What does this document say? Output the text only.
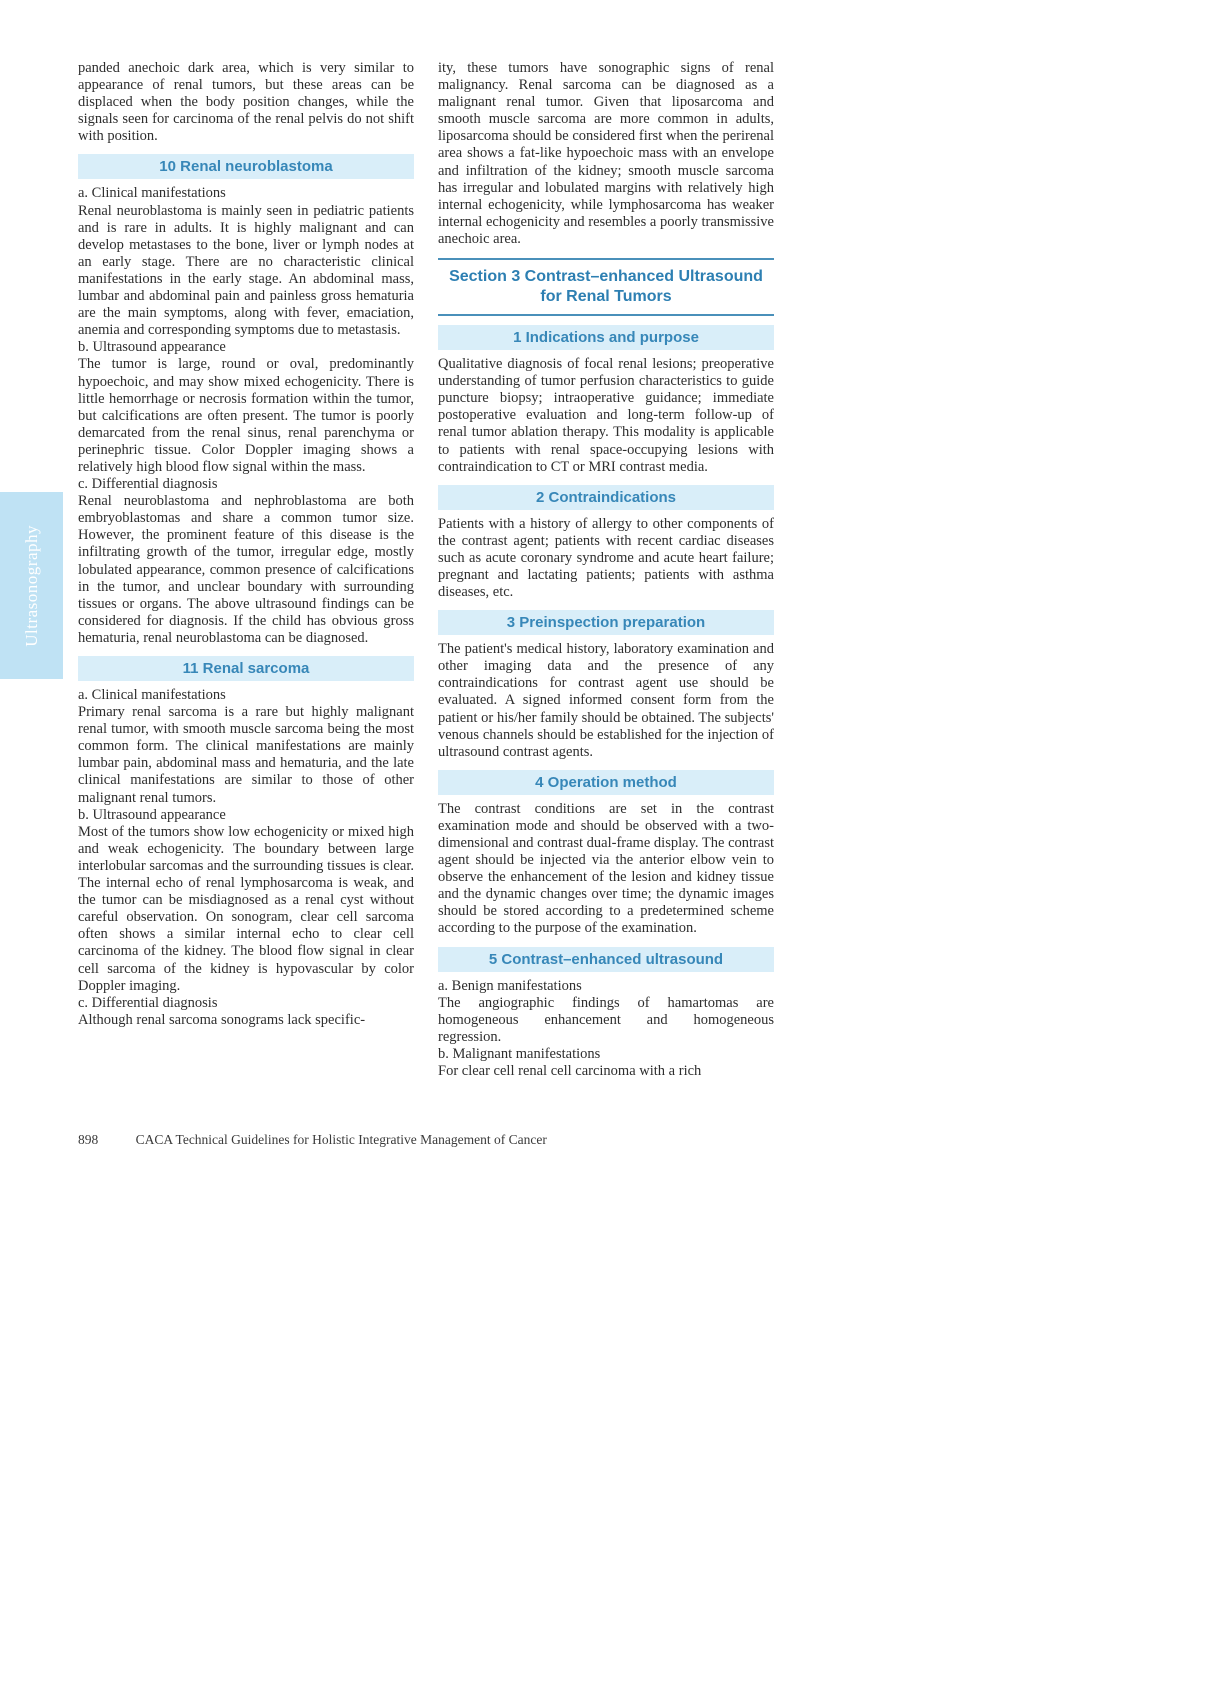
Ultrasonography

panded anechoic dark area, which is very similar to appearance of renal tumors, but these areas can be displaced when the body position changes, while the signals seen for carcinoma of the renal pelvis do not shift with position.

10 Renal neuroblastoma

a. Clinical manifestations

Renal neuroblastoma is mainly seen in pediatric patients and is rare in adults. It is highly malignant and can develop metastases to the bone, liver or lymph nodes at an early stage. There are no characteristic clinical manifestations in the early stage. An abdominal mass, lumbar and abdominal pain and painless gross hematuria are the main symptoms, along with fever, emaciation, anemia and corresponding symptoms due to metastasis.

b. Ultrasound appearance

The tumor is large, round or oval, predominantly hypoechoic, and may show mixed echogenicity. There is little hemorrhage or necrosis formation within the tumor, but calcifications are often present. The tumor is poorly demarcated from the renal sinus, renal parenchyma or perinephric tissue. Color Doppler imaging shows a relatively high blood flow signal within the mass.

c. Differential diagnosis

Renal neuroblastoma and nephroblastoma are both embryoblastomas and share a common tumor size. However, the prominent feature of this disease is the infiltrating growth of the tumor, irregular edge, mostly lobulated appearance, common presence of calcifications in the tumor, and unclear boundary with surrounding tissues or organs. The above ultrasound findings can be considered for diagnosis. If the child has obvious gross hematuria, renal neuroblastoma can be diagnosed.

11 Renal sarcoma

a. Clinical manifestations

Primary renal sarcoma is a rare but highly malignant renal tumor, with smooth muscle sarcoma being the most common form. The clinical manifestations are mainly lumbar pain, abdominal mass and hematuria, and the late clinical manifestations are similar to those of other malignant renal tumors.

b. Ultrasound appearance

Most of the tumors show low echogenicity or mixed high and weak echogenicity. The boundary between large interlobular sarcomas and the surrounding tissues is clear. The internal echo of renal lymphosarcoma is weak, and the tumor can be misdiagnosed as a renal cyst without careful observation. On sonogram, clear cell sarcoma often shows a similar internal echo to clear cell carcinoma of the kidney. The blood flow signal in clear cell sarcoma of the kidney is hypovascular by color Doppler imaging.

c. Differential diagnosis

Although renal sarcoma sonograms lack specific-

ity, these tumors have sonographic signs of renal malignancy. Renal sarcoma can be diagnosed as a malignant renal tumor. Given that liposarcoma and smooth muscle sarcoma are more common in adults, liposarcoma should be considered first when the perirenal area shows a fat-like hypoechoic mass with an envelope and infiltration of the kidney; smooth muscle sarcoma has irregular and lobulated margins with relatively high internal echogenicity, while lymphosarcoma has weaker internal echogenicity and resembles a poorly transmissive anechoic area.

Section 3 Contrast–enhanced Ultrasound
for Renal Tumors
1 Indications and purpose

Qualitative diagnosis of focal renal lesions; preoperative understanding of tumor perfusion characteristics to guide puncture biopsy; intraoperative guidance; immediate postoperative evaluation and long-term follow-up of renal tumor ablation therapy. This modality is applicable to patients with renal space-occupying lesions with contraindication to CT or MRI contrast media.

2 Contraindications

Patients with a history of allergy to other components of the contrast agent; patients with recent cardiac diseases such as acute coronary syndrome and acute heart failure; pregnant and lactating patients; patients with asthma diseases, etc.

3 Preinspection preparation

The patient's medical history, laboratory examination and other imaging data and the presence of any contraindications for contrast agent use should be evaluated. A signed informed consent form from the patient or his/her family should be obtained. The subjects' venous channels should be established for the injection of ultrasound contrast agents.

4 Operation method

The contrast conditions are set in the contrast examination mode and should be observed with a two-dimensional and contrast dual-frame display. The contrast agent should be injected via the anterior elbow vein to observe the enhancement of the lesion and kidney tissue and the dynamic changes over time; the dynamic images should be stored according to a predetermined scheme according to the purpose of the examination.

5 Contrast–enhanced ultrasound

a. Benign manifestations

The angiographic findings of hamartomas are homogeneous enhancement and homogeneous regression.

b. Malignant manifestations

For clear cell renal cell carcinoma with a rich

898	CACA Technical Guidelines for Holistic Integrative Management of Cancer
